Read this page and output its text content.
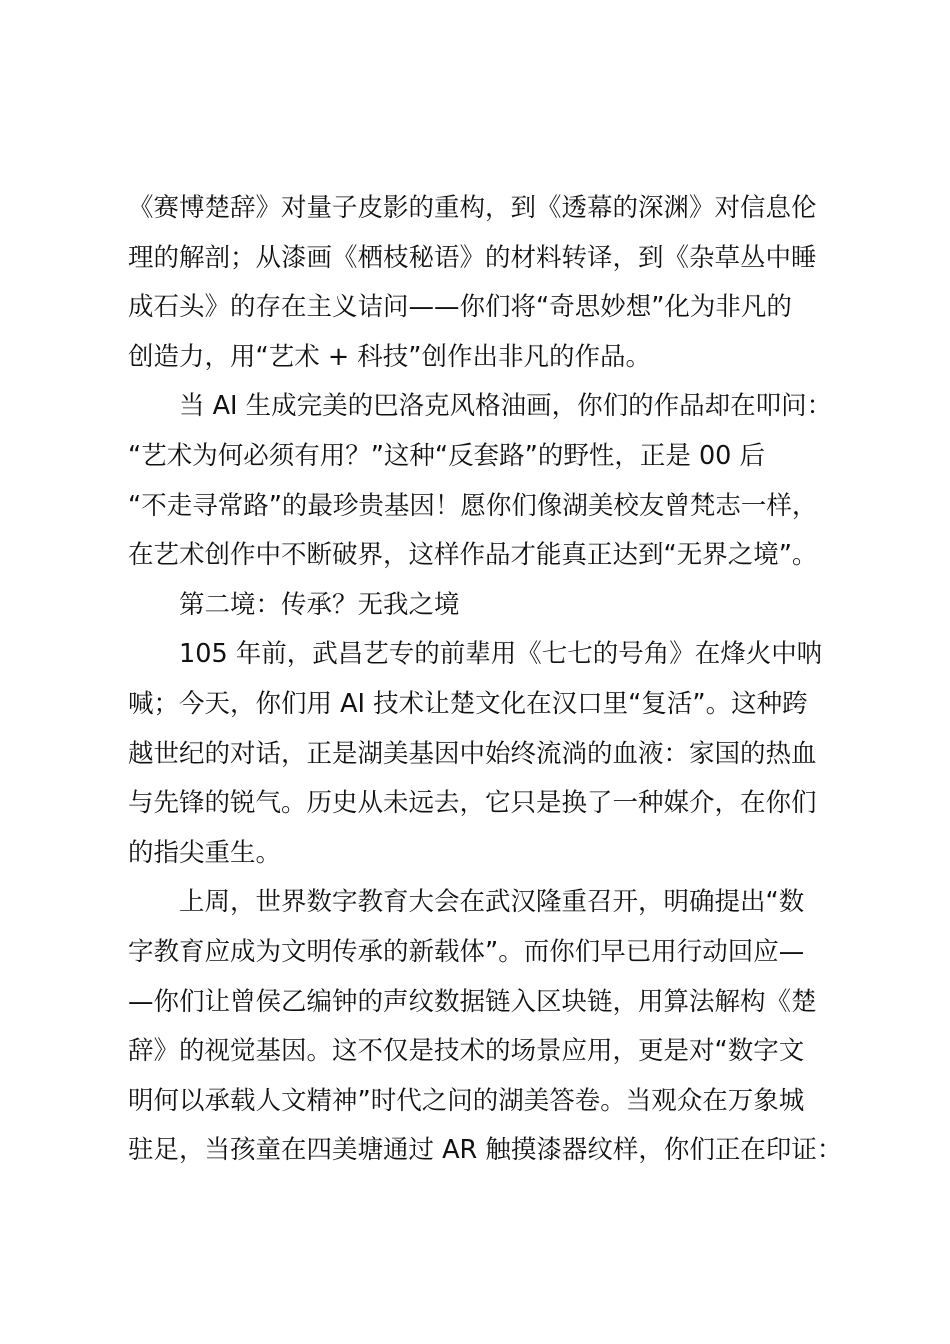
《赛博楚辞》对量子皮影的重构，到《透幕的深渊》对信息伦
理的解剖；从漆画《栖枝秘语》的材料转译，到《杂草丛中睡
成石头》的存在主义诘问——你们将“奇思妙想”化为非凡的
创造力，用“艺术 + 科技”创作出非凡的作品。
当 AI 生成完美的巴洛克风格油画，你们的作品却在叩问：
“艺术为何必须有用？”这种“反套路”的野性，正是 00 后
“不走寻常路”的最珍贵基因！愿你们像湖美校友曾梵志一样，
在艺术创作中不断破界，这样作品才能真正达到“无界之境”。
第二境：传承？无我之境
105 年前，武昌艺专的前辈用《七七的号角》在烽火中呐
喊；今天，你们用 AI 技术让楚文化在汉口里“复活”。这种跨
越世纪的对话，正是湖美基因中始终流淌的血液：家国的热血
与先锋的锐气。历史从未远去，它只是换了一种媒介，在你们
的指尖重生。
上周，世界数字教育大会在武汉隆重召开，明确提出“数
字教育应成为文明传承的新载体”。而你们早已用行动回应—
—你们让曾侯乙编钟的声纹数据链入区块链，用算法解构《楚
辞》的视觉基因。这不仅是技术的场景应用，更是对“数字文
明何以承载人文精神”时代之问的湖美答卷。当观众在万象城
驻足，当孩童在四美塘通过 AR 触摸漆器纹样，你们正在印证：
